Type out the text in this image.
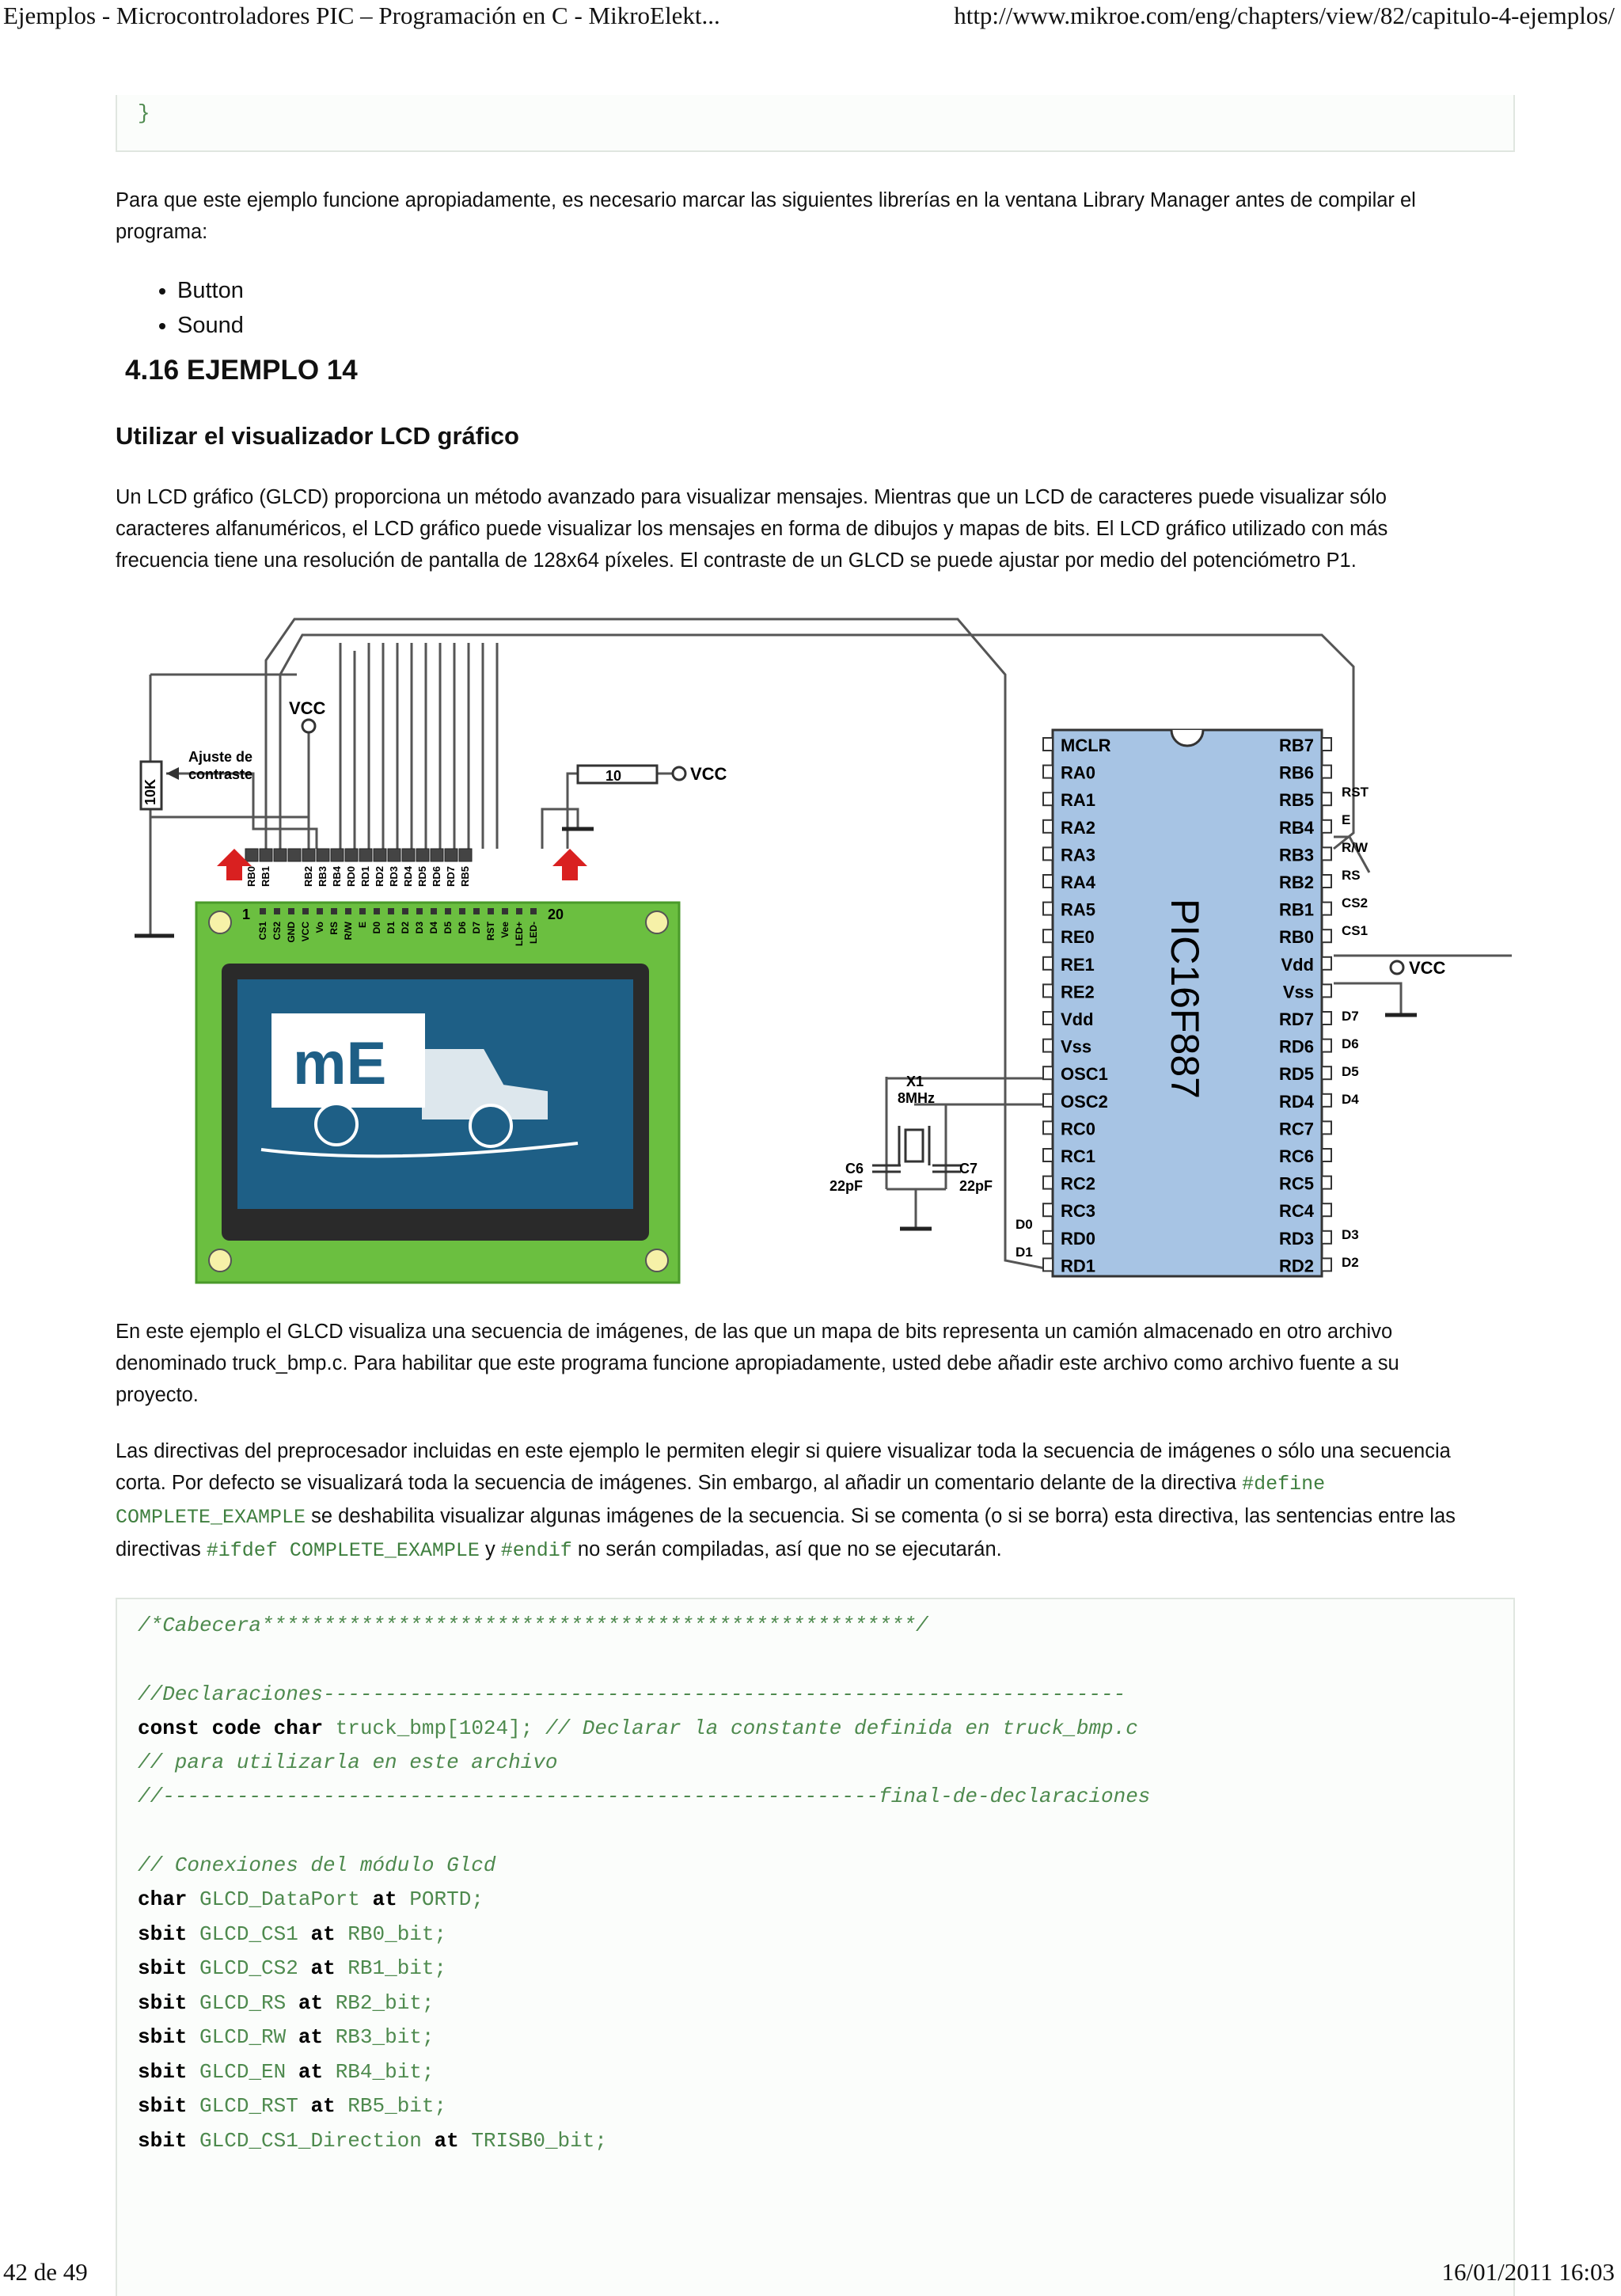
Ejemplos - Microcontroladores PIC – Programación en C - MikroElekt...	http://www.mikroe.com/eng/chapters/view/82/capitulo-4-ejemplos/
}

Para que este ejemplo funcione apropiadamente, es necesario marcar las siguientes librerías en la ventana Library Manager antes de compilar el programa:

• Button
• Sound
4.16 EJEMPLO 14
Utilizar el visualizador LCD gráfico

Un LCD gráfico (GLCD) proporciona un método avanzado para visualizar mensajes. Mientras que un LCD de caracteres puede visualizar sólo caracteres alfanuméricos, el LCD gráfico puede visualizar los mensajes en forma de dibujos y mapas de bits. El LCD gráfico utilizado con más frecuencia tiene una resolución de pantalla de 128x64 píxeles. El contraste de un GLCD se puede ajustar por medio del potenciómetro P1.

10K
Ajuste de
contraste
VCC
10	VCC
RB0 RB1	RB2 RB3 RB4 RD0 RD1 RD2 RD3 RD4 RD5 RD6 RD7 RB5
1	20
CS1 CS2 GND VCC Vo RS R/W E D0 D1 D2 D3 D4 D5 D6 D7 RST Vee LED+ LED-
mE	PIC16F887
MCLR
RA0
RA1
RA2
RA3
RA4
RA5
RE0
RE1
RE2
Vdd
Vss
OSC1
OSC2
RC0
RC1
RC2
RC3
RD0
RD1
RB7
RB6
RB5
RB4
RB3
RB2
RB1
RB0
Vdd
Vss
RD7
RD6
RD5
RD4
RC7
RC6
RC5
RC4
RD3
RD2
X1
8MHz
C6
22pF
C7
22pF
VCC
RST
E
R/W
RS
CS2
CS1
D7
D6
D5
D4
D3
D2
D0
D1

En este ejemplo el GLCD visualiza una secuencia de imágenes, de las que un mapa de bits representa un camión almacenado en otro archivo denominado truck_bmp.c. Para habilitar que este programa funcione apropiadamente, usted debe añadir este archivo como archivo fuente a su proyecto.

Las directivas del preprocesador incluidas en este ejemplo le permiten elegir si quiere visualizar toda la secuencia de imágenes o sólo una secuencia corta. Por defecto se visualizará toda la secuencia de imágenes. Sin embargo, al añadir un comentario delante de la directiva #define COMPLETE_EXAMPLE se deshabilita visualizar algunas imágenes de la secuencia. Si se comenta (o si se borra) esta directiva, las sentencias entre las directivas #ifdef COMPLETE_EXAMPLE y #endif no serán compiladas, así que no se ejecutarán.

/*Cabecera*****************************************************/
//Declaraciones-----------------------------------------------------------------
const code char truck_bmp[1024]; // Declarar la constante definida en truck_bmp.c
// para utilizarla en este archivo
//----------------------------------------------------------final-de-declaraciones
// Conexiones del módulo Glcd
char GLCD_DataPort at PORTD;
sbit GLCD_CS1 at RB0_bit;
sbit GLCD_CS2 at RB1_bit;
sbit GLCD_RS at RB2_bit;
sbit GLCD_RW at RB3_bit;
sbit GLCD_EN at RB4_bit;
sbit GLCD_RST at RB5_bit;
sbit GLCD_CS1_Direction at TRISB0_bit;
42 de 49	16/01/2011 16:03
